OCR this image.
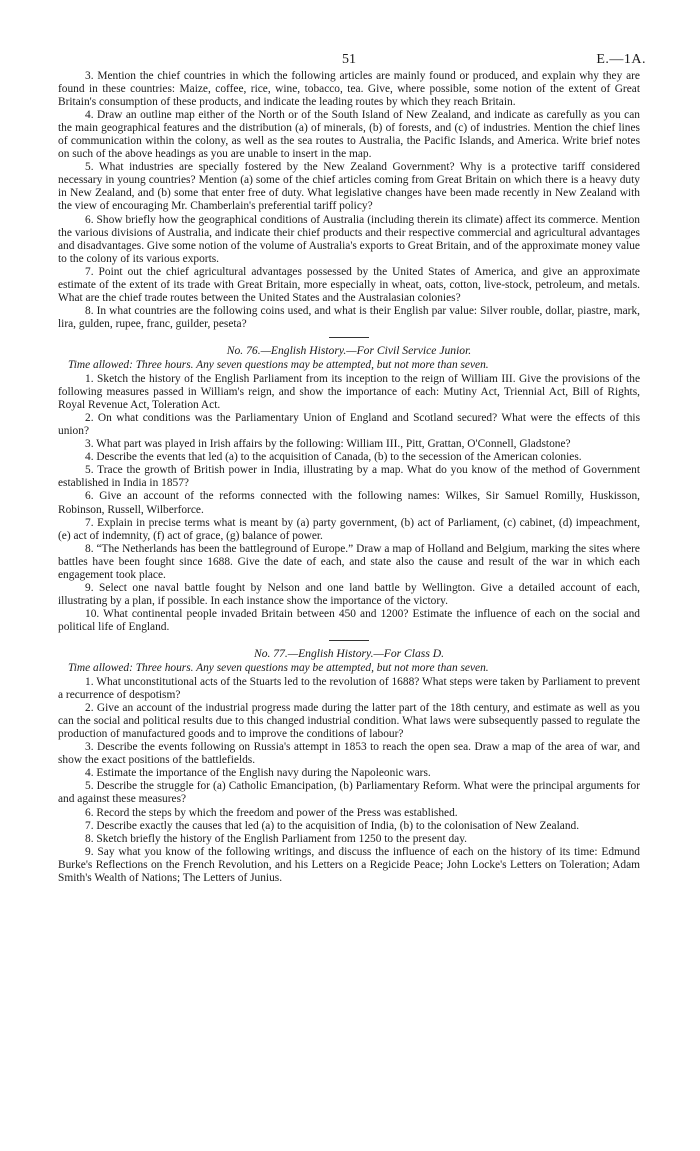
51	E.—1A.

3. Mention the chief countries in which the following articles are mainly found or produced, and explain why they are found in these countries: Maize, coffee, rice, wine, tobacco, tea. Give, where possible, some notion of the extent of Great Britain's consumption of these products, and indicate the leading routes by which they reach Britain.

4. Draw an outline map either of the North or of the South Island of New Zealand, and indicate as carefully as you can the main geographical features and the distribution (a) of minerals, (b) of forests, and (c) of industries. Mention the chief lines of communication within the colony, as well as the sea routes to Australia, the Pacific Islands, and America. Write brief notes on such of the above headings as you are unable to insert in the map.

5. What industries are specially fostered by the New Zealand Government? Why is a protective tariff considered necessary in young countries? Mention (a) some of the chief articles coming from Great Britain on which there is a heavy duty in New Zealand, and (b) some that enter free of duty. What legislative changes have been made recently in New Zealand with the view of encouraging Mr. Chamberlain's preferential tariff policy?

6. Show briefly how the geographical conditions of Australia (including therein its climate) affect its commerce. Mention the various divisions of Australia, and indicate their chief products and their respective commercial and agricultural advantages and disadvantages. Give some notion of the volume of Australia's exports to Great Britain, and of the approximate money value to the colony of its various exports.

7. Point out the chief agricultural advantages possessed by the United States of America, and give an approximate estimate of the extent of its trade with Great Britain, more especially in wheat, oats, cotton, live-stock, petroleum, and metals. What are the chief trade routes between the United States and the Australasian colonies?

8. In what countries are the following coins used, and what is their English par value: Silver rouble, dollar, piastre, mark, lira, gulden, rupee, franc, guilder, peseta?

No. 76.—English History.—For Civil Service Junior.

Time allowed: Three hours. Any seven questions may be attempted, but not more than seven.

1. Sketch the history of the English Parliament from its inception to the reign of William III. Give the provisions of the following measures passed in William's reign, and show the importance of each: Mutiny Act, Triennial Act, Bill of Rights, Royal Revenue Act, Toleration Act.

2. On what conditions was the Parliamentary Union of England and Scotland secured? What were the effects of this union?

3. What part was played in Irish affairs by the following: William III., Pitt, Grattan, O'Connell, Gladstone?

4. Describe the events that led (a) to the acquisition of Canada, (b) to the secession of the American colonies.

5. Trace the growth of British power in India, illustrating by a map. What do you know of the method of Government established in India in 1857?

6. Give an account of the reforms connected with the following names: Wilkes, Sir Samuel Romilly, Huskisson, Robinson, Russell, Wilberforce.

7. Explain in precise terms what is meant by (a) party government, (b) act of Parliament, (c) cabinet, (d) impeachment, (e) act of indemnity, (f) act of grace, (g) balance of power.

8. “The Netherlands has been the battleground of Europe.” Draw a map of Holland and Belgium, marking the sites where battles have been fought since 1688. Give the date of each, and state also the cause and result of the war in which each engagement took place.

9. Select one naval battle fought by Nelson and one land battle by Wellington. Give a detailed account of each, illustrating by a plan, if possible. In each instance show the importance of the victory.

10. What continental people invaded Britain between 450 and 1200? Estimate the influence of each on the social and political life of England.

No. 77.—English History.—For Class D.

Time allowed: Three hours. Any seven questions may be attempted, but not more than seven.

1. What unconstitutional acts of the Stuarts led to the revolution of 1688? What steps were taken by Parliament to prevent a recurrence of despotism?

2. Give an account of the industrial progress made during the latter part of the 18th century, and estimate as well as you can the social and political results due to this changed industrial condition. What laws were subsequently passed to regulate the production of manufactured goods and to improve the conditions of labour?

3. Describe the events following on Russia's attempt in 1853 to reach the open sea. Draw a map of the area of war, and show the exact positions of the battlefields.

4. Estimate the importance of the English navy during the Napoleonic wars.

5. Describe the struggle for (a) Catholic Emancipation, (b) Parliamentary Reform. What were the principal arguments for and against these measures?

6. Record the steps by which the freedom and power of the Press was established.

7. Describe exactly the causes that led (a) to the acquisition of India, (b) to the colonisation of New Zealand.

8. Sketch briefly the history of the English Parliament from 1250 to the present day.

9. Say what you know of the following writings, and discuss the influence of each on the history of its time: Edmund Burke's Reflections on the French Revolution, and his Letters on a Regicide Peace; John Locke's Letters on Toleration; Adam Smith's Wealth of Nations; The Letters of Junius.
